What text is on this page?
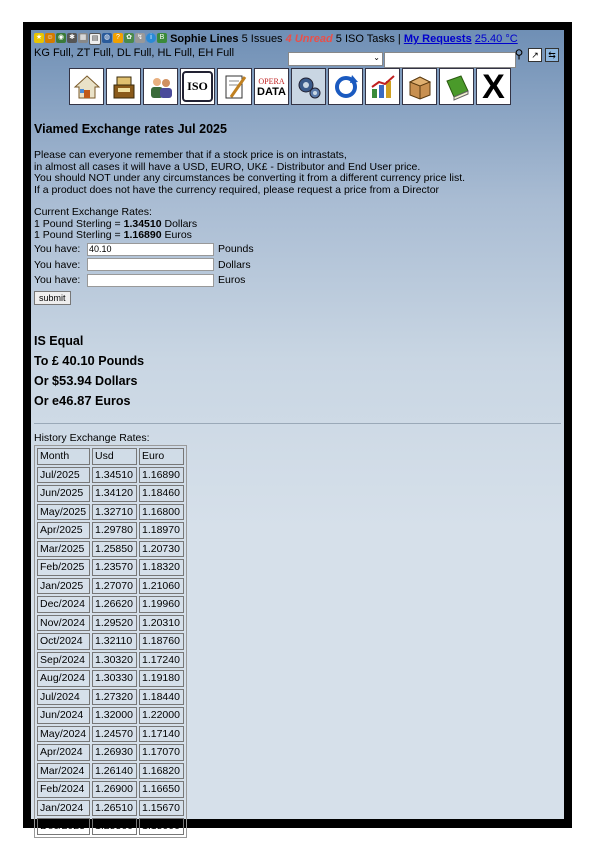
★ ☺ ◉ ✱ ▦ ▤ ◍ ? ✿ ↯	i	B Sophie Lines 5 Issues 4 Unread 5 ISO Tasks | My Requests 25.40 °C
KG Full, ZT Full, DL Full, HL Full, EH Full	⌄	⚲ ↗	⇆
ISO	OPERA
DATA	X
Viamed Exchange rates Jul 2025
Please can everyone remember that if a stock price is on intrastats,
in almost all cases it will have a USD, EURO, UK£ - Distributor and End User price.
You should NOT under any circumstances be converting it from a different currency price list.
If a product does not have the currency required, please request a price from a Director
Current Exchange Rates:
1 Pound Sterling = 1.34510 Dollars
1 Pound Sterling = 1.16890 Euros
You have:
40.10	Pounds
You have:	Dollars
You have:	Euros
submit
IS Equal
To £ 40.10 Pounds
Or $53.94 Dollars
Or e46.87 Euros
History Exchange Rates:
Month	Usd	Euro
Jul/2025	1.34510	1.16890
Jun/2025	1.34120	1.18460
May/2025	1.32710	1.16800
Apr/2025	1.29780	1.18970
Mar/2025	1.25850	1.20730
Feb/2025	1.23570	1.18320
Jan/2025	1.27070	1.21060
Dec/2024	1.26620	1.19960
Nov/2024	1.29520	1.20310
Oct/2024	1.32110	1.18760
Sep/2024	1.30320	1.17240
Aug/2024	1.30330	1.19180
Jul/2024	1.27320	1.18440
Jun/2024	1.32000	1.22000
May/2024	1.24570	1.17140
Apr/2024	1.26930	1.17070
Mar/2024	1.26140	1.16820
Feb/2024	1.26900	1.16650
Jan/2024	1.26510	1.15670
Dec/2023	1.25360	1.15000
